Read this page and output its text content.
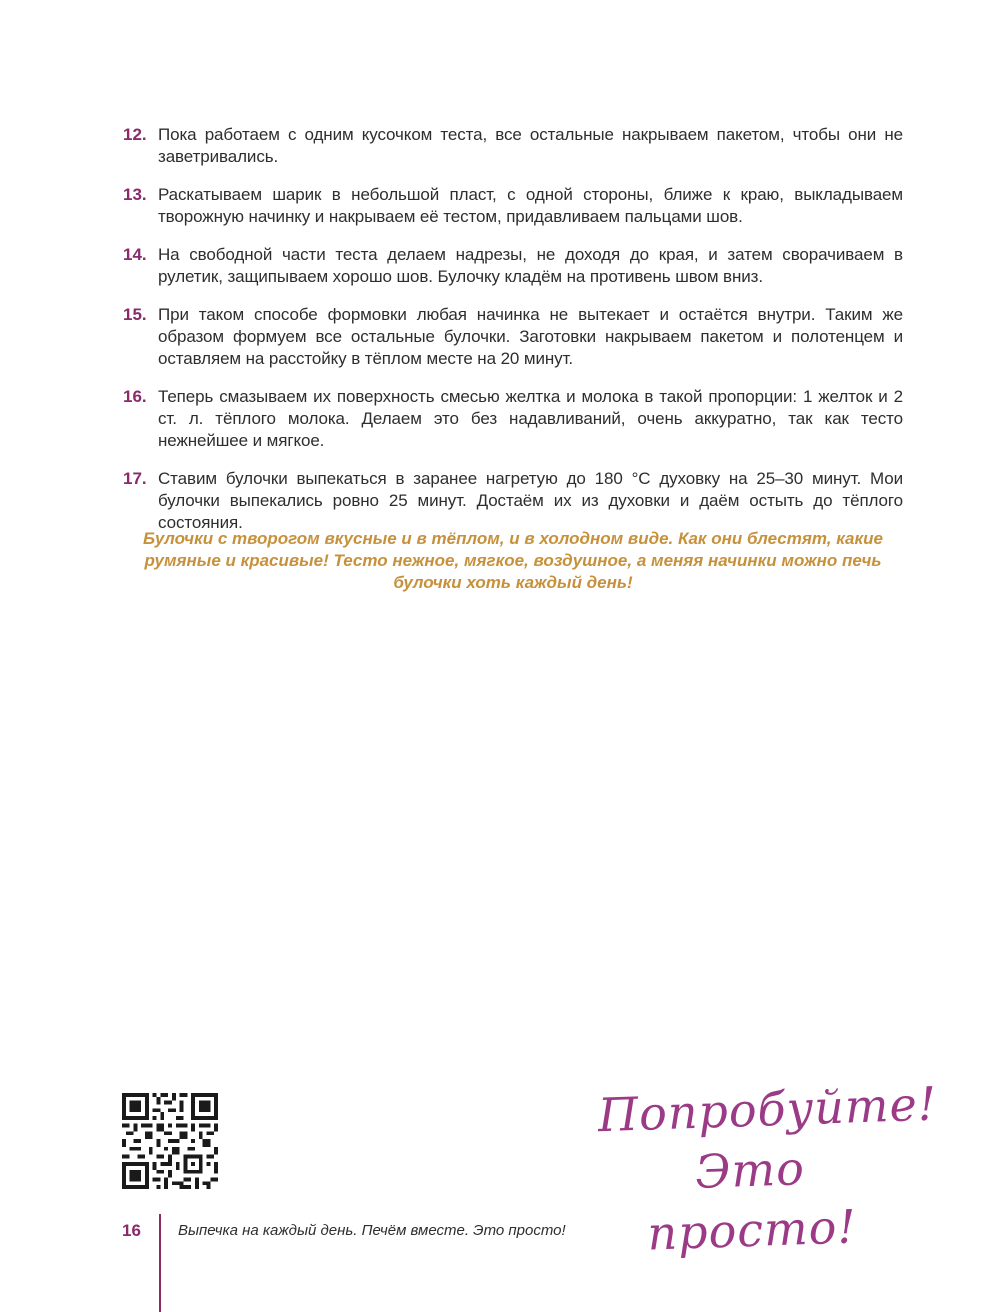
12. Пока работаем с одним кусочком теста, все остальные накрываем пакетом, чтобы они не заветривались.
13. Раскатываем шарик в небольшой пласт, с одной стороны, ближе к краю, выкладываем творожную начинку и накрываем её тестом, придавливаем пальцами шов.
14. На свободной части теста делаем надрезы, не доходя до края, и затем сворачиваем в рулетик, защипываем хорошо шов. Булочку кладём на противень швом вниз.
15. При таком способе формовки любая начинка не вытекает и остаётся внутри. Таким же образом формуем все остальные булочки. Заготовки накрываем пакетом и полотенцем и оставляем на расстойку в тёплом месте на 20 минут.
16. Теперь смазываем их поверхность смесью желтка и молока в такой пропорции: 1 желток и 2 ст. л. тёплого молока. Делаем это без надавливаний, очень аккуратно, так как тесто нежнейшее и мягкое.
17. Ставим булочки выпекаться в заранее нагретую до 180 °С духовку на 25–30 минут. Мои булочки выпекались ровно 25 минут. Достаём их из духовки и даём остыть до тёплого состояния.
Булочки с творогом вкусные и в тёплом, и в холодном виде. Как они блестят, какие румяные и красивые! Тесто нежное, мягкое, воздушное, а меняя начинки можно печь булочки хоть каждый день!
Попробуйте!
Это просто!
16 Выпечка на каждый день. Печём вместе. Это просто!
